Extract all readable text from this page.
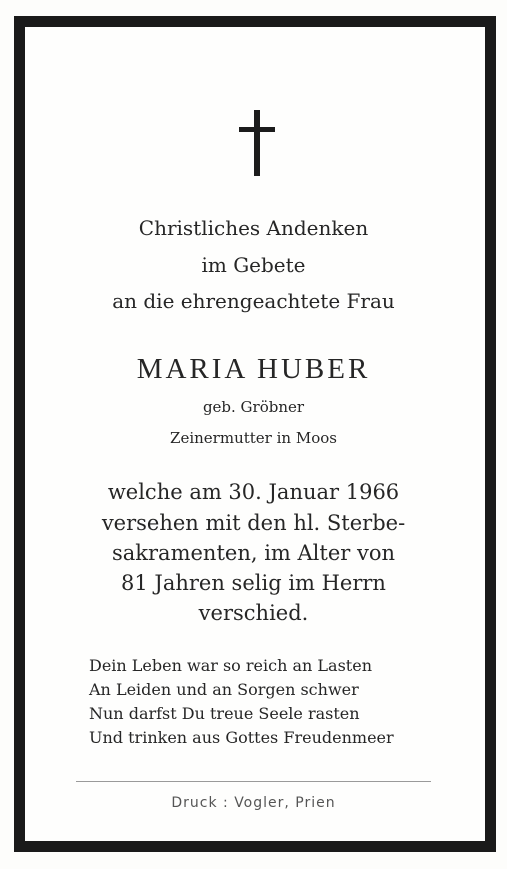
Christliches Andenken
im Gebete
an die ehrengeachtete Frau
MARIA HUBER
geb. Gröbner
Zeinermutter in Moos
welche am 30. Januar 1966
versehen mit den hl. Sterbe-
sakramenten, im Alter von
81 Jahren selig im Herrn
verschied.
Dein Leben war so reich an Lasten
An Leiden und an Sorgen schwer
Nun darfst Du treue Seele rasten
Und trinken aus Gottes Freudenmeer
Druck : Vogler, Prien
